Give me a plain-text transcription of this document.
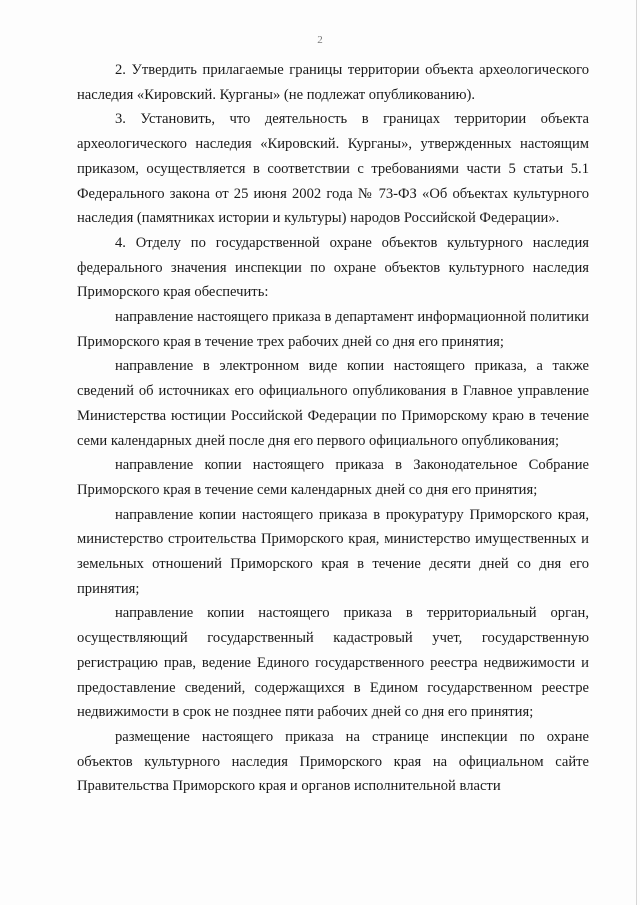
2

2. Утвердить прилагаемые границы территории объекта археологического наследия «Кировский. Курганы» (не подлежат опубликованию).

3. Установить, что деятельность в границах территории объекта археологического наследия «Кировский. Курганы», утвержденных настоящим приказом, осуществляется в соответствии с требованиями части 5 статьи 5.1 Федерального закона от 25 июня 2002 года № 73-ФЗ «Об объектах культурного наследия (памятниках истории и культуры) народов Российской Федерации».

4. Отделу по государственной охране объектов культурного наследия федерального значения инспекции по охране объектов культурного наследия Приморского края обеспечить:

направление настоящего приказа в департамент информационной политики Приморского края в течение трех рабочих дней со дня его принятия;

направление в электронном виде копии настоящего приказа, а также сведений об источниках его официального опубликования в Главное управление Министерства юстиции Российской Федерации по Приморскому краю в течение семи календарных дней после дня его первого официального опубликования;

направление копии настоящего приказа в Законодательное Собрание Приморского края в течение семи календарных дней со дня его принятия;

направление копии настоящего приказа в прокуратуру Приморского края, министерство строительства Приморского края, министерство имущественных и земельных отношений Приморского края в течение десяти дней со дня его принятия;

направление копии настоящего приказа в территориальный орган, осуществляющий государственный кадастровый учет, государственную регистрацию прав, ведение Единого государственного реестра недвижимости и предоставление сведений, содержащихся в Едином государственном реестре недвижимости в срок не позднее пяти рабочих дней со дня его принятия;

размещение настоящего приказа на странице инспекции по охране объектов культурного наследия Приморского края на официальном сайте Правительства Приморского края и органов исполнительной власти
